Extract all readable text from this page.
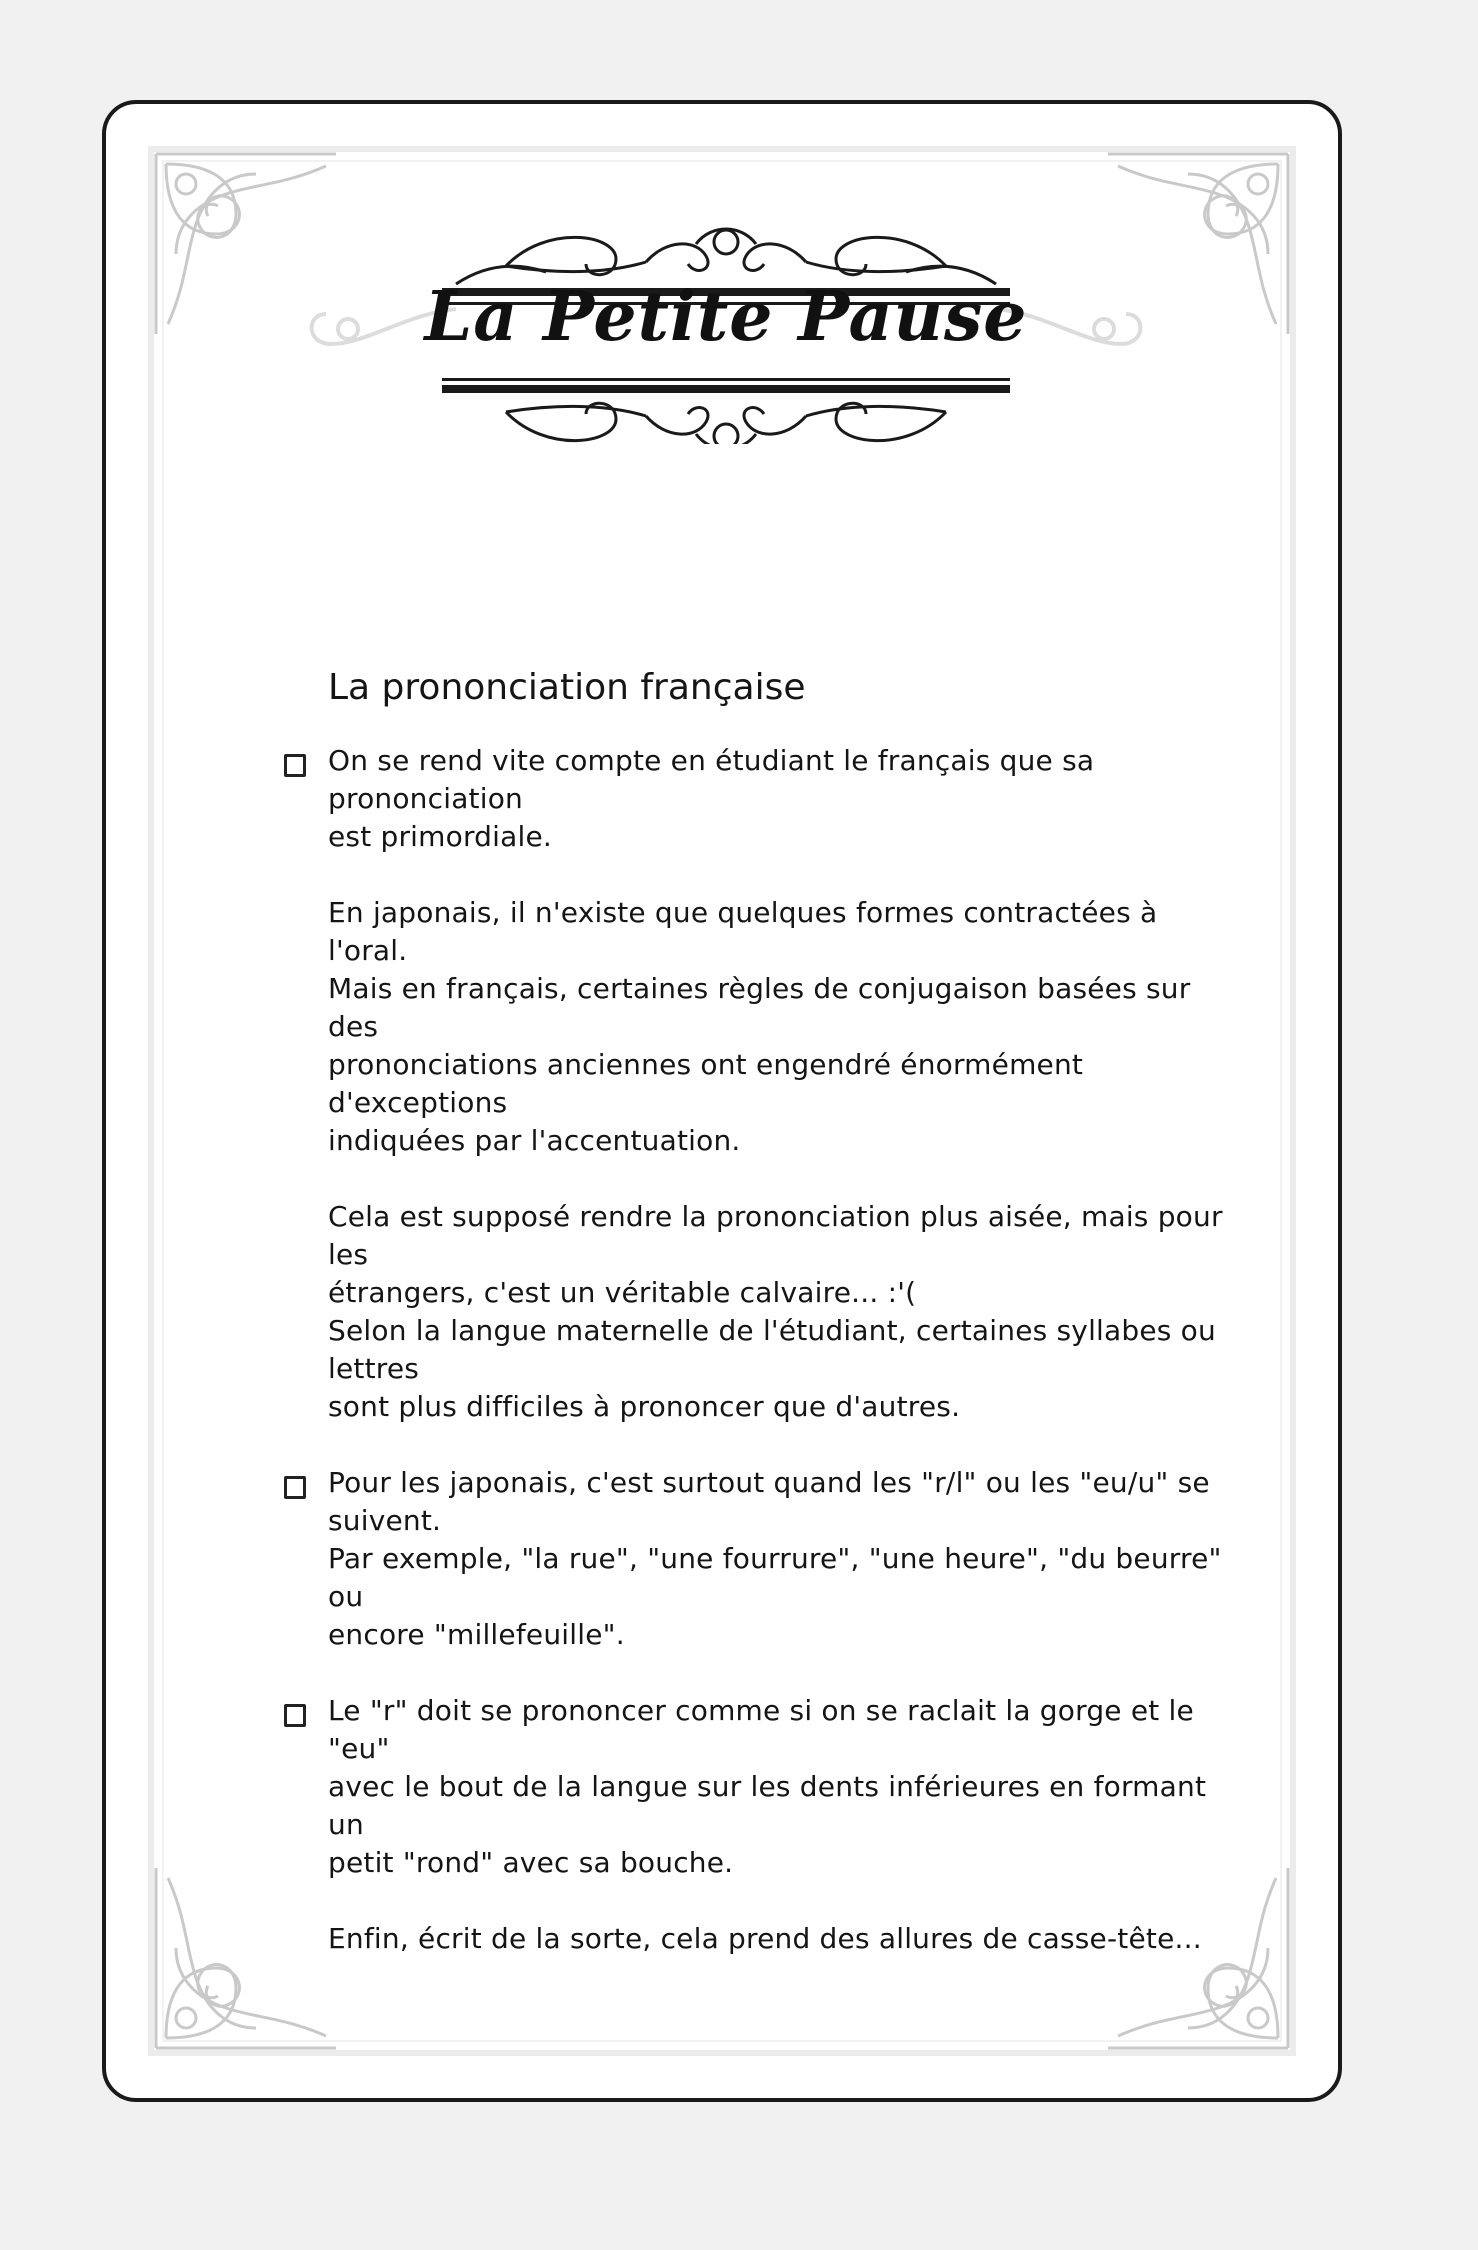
La Petite Pause
La prononciation française

On se rend vite compte en étudiant le français que sa prononciation
est primordiale.

En japonais, il n'existe que quelques formes contractées à l'oral.
Mais en français, certaines règles de conjugaison basées sur des
prononciations anciennes ont engendré énormément d'exceptions
indiquées par l'accentuation.

Cela est supposé rendre la prononciation plus aisée, mais pour les
étrangers, c'est un véritable calvaire... :'(
Selon la langue maternelle de l'étudiant, certaines syllabes ou lettres
sont plus difficiles à prononcer que d'autres.

Pour les japonais, c'est surtout quand les "r/l" ou les "eu/u" se
suivent.
Par exemple, "la rue", "une fourrure", "une heure", "du beurre" ou
encore "millefeuille".

Le "r" doit se prononcer comme si on se raclait la gorge et le "eu"
avec le bout de la langue sur les dents inférieures en formant un
petit "rond" avec sa bouche.

Enfin, écrit de la sorte, cela prend des allures de casse-tête...
